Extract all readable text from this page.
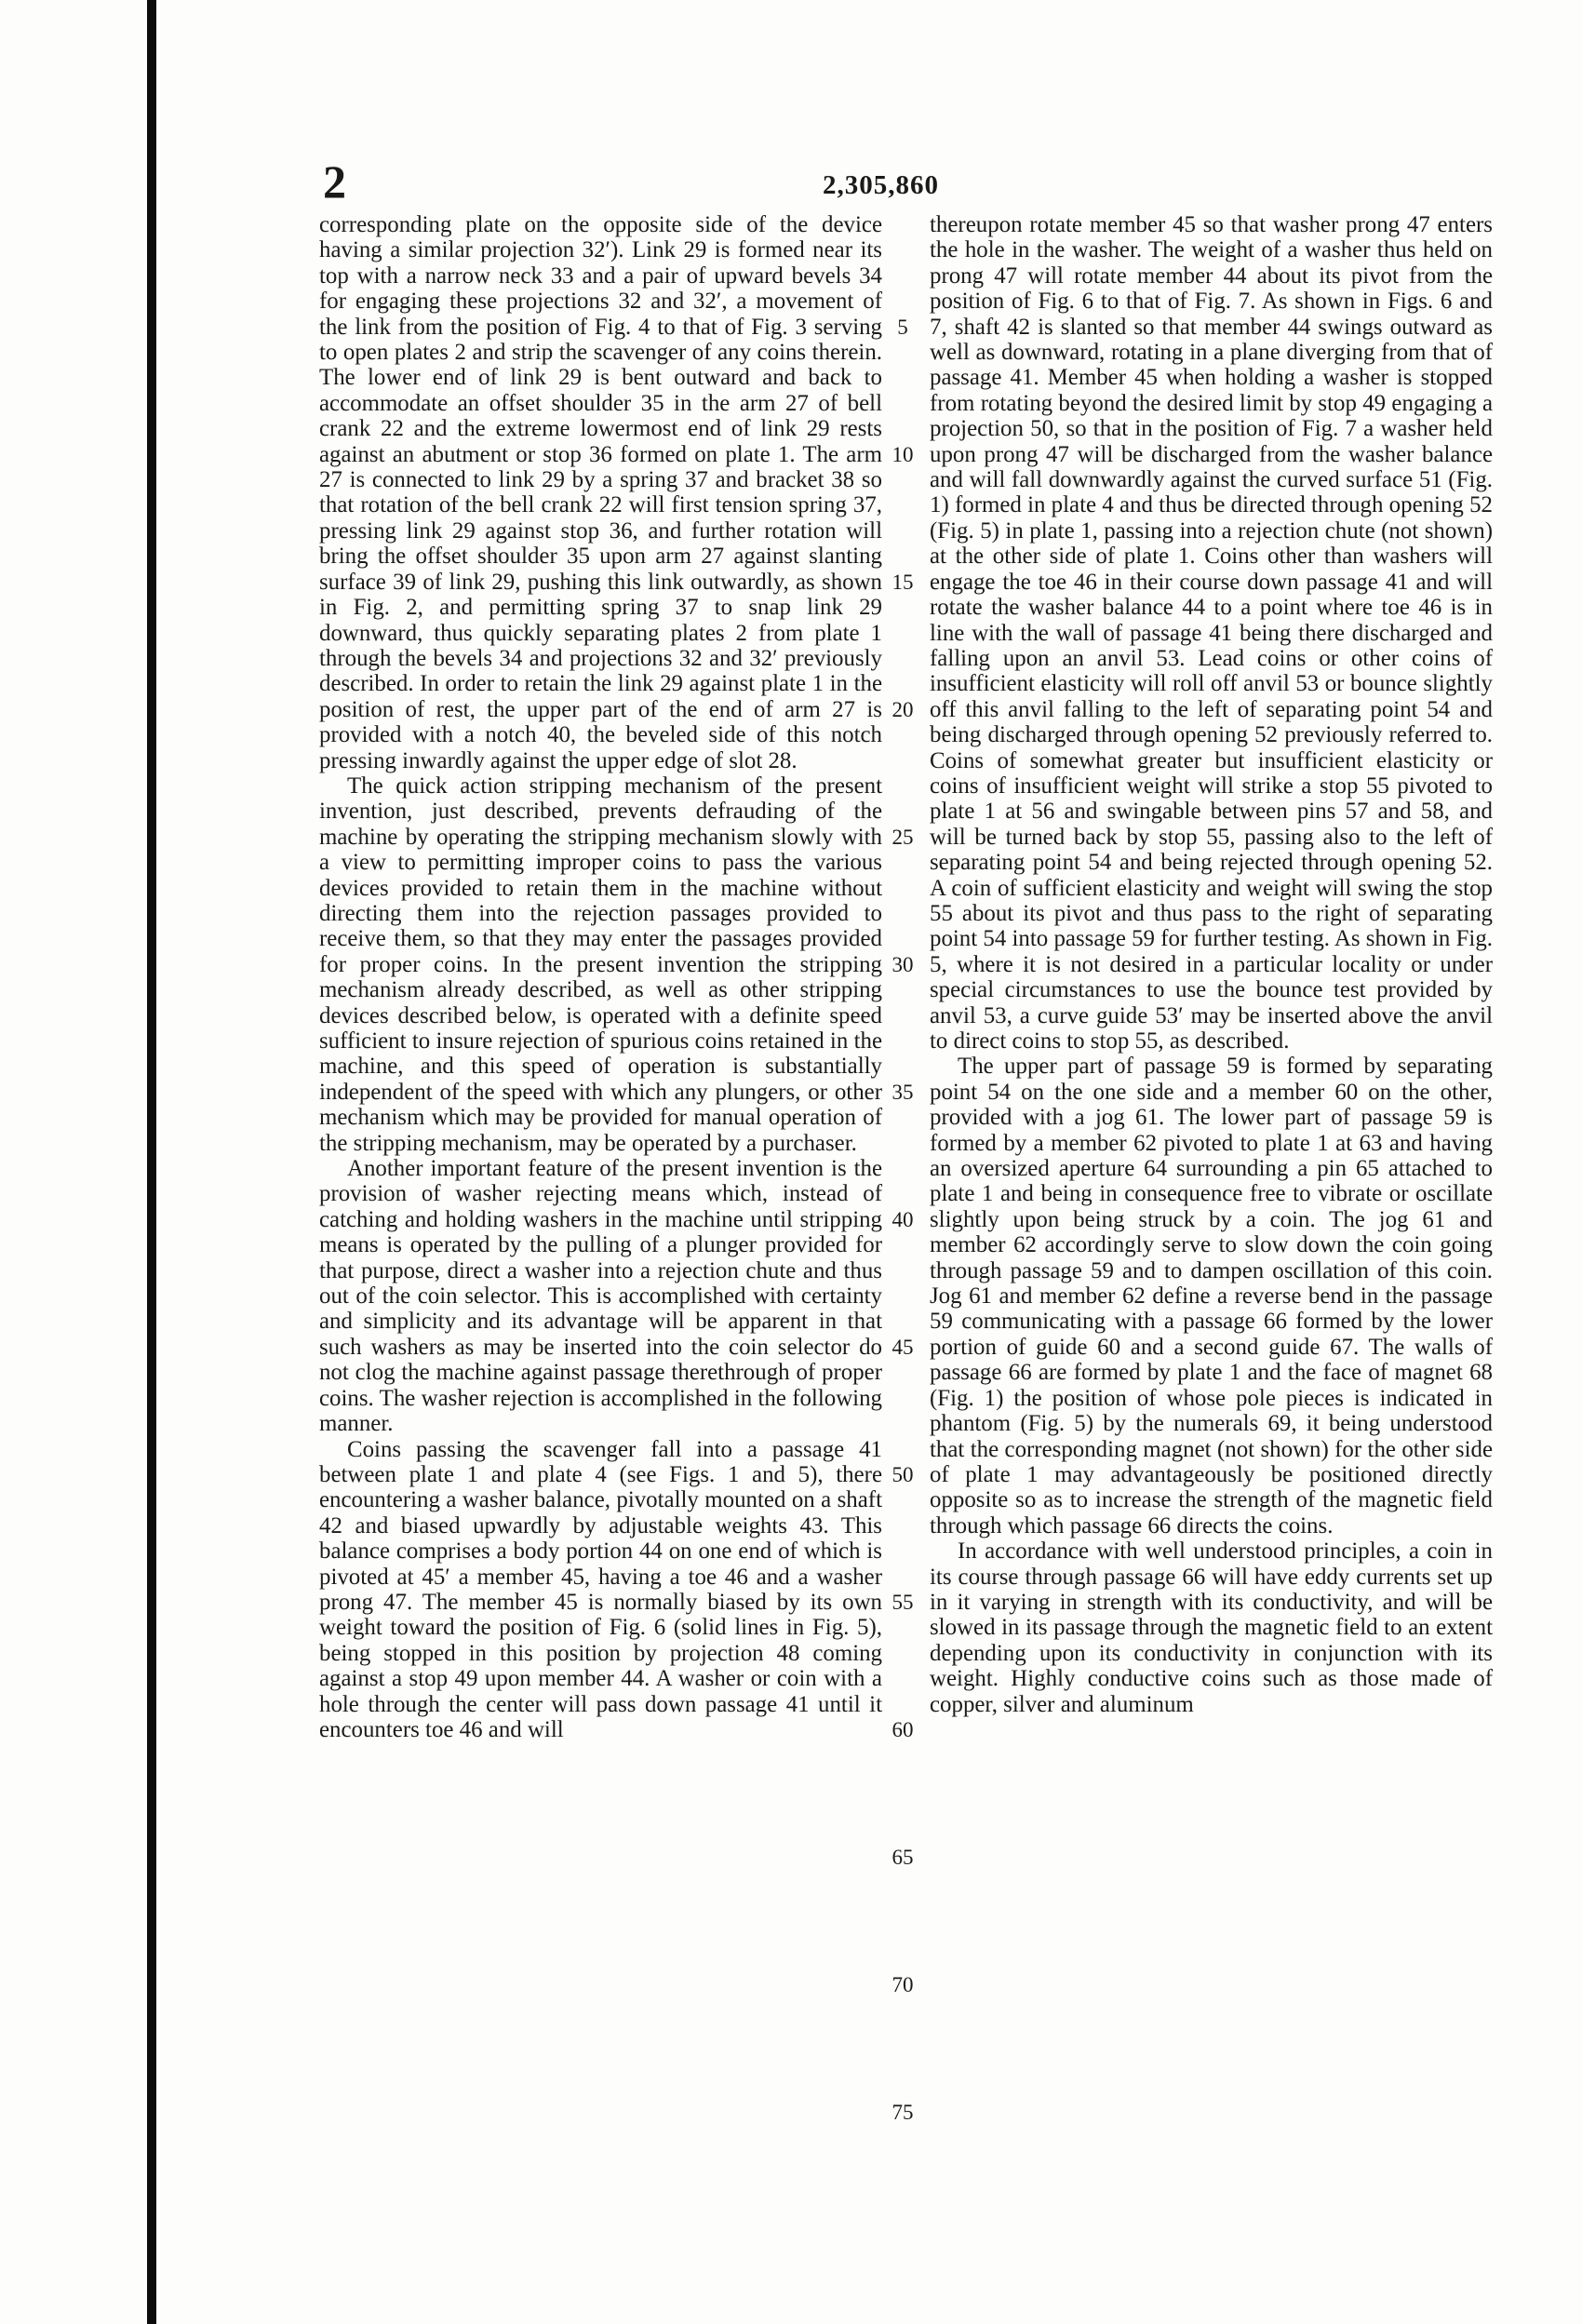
2	2,305,860

corresponding plate on the opposite side of the device having a similar projection 32′). Link 29 is formed near its top with a narrow neck 33 and a pair of upward bevels 34 for engaging these projections 32 and 32′, a movement of the link from the position of Fig. 4 to that of Fig. 3 serving to open plates 2 and strip the scavenger of any coins therein. The lower end of link 29 is bent outward and back to accommodate an offset shoulder 35 in the arm 27 of bell crank 22 and the extreme lowermost end of link 29 rests against an abutment or stop 36 formed on plate 1. The arm 27 is connected to link 29 by a spring 37 and bracket 38 so that rotation of the bell crank 22 will first tension spring 37, pressing link 29 against stop 36, and further rotation will bring the offset shoulder 35 upon arm 27 against slanting surface 39 of link 29, pushing this link outwardly, as shown in Fig. 2, and permitting spring 37 to snap link 29 downward, thus quickly separating plates 2 from plate 1 through the bevels 34 and projections 32 and 32′ previously described. In order to retain the link 29 against plate 1 in the position of rest, the upper part of the end of arm 27 is provided with a notch 40, the beveled side of this notch pressing inwardly against the upper edge of slot 28.

The quick action stripping mechanism of the present invention, just described, prevents defrauding of the machine by operating the stripping mechanism slowly with a view to permitting improper coins to pass the various devices provided to retain them in the machine without directing them into the rejection passages provided to receive them, so that they may enter the passages provided for proper coins. In the present invention the stripping mechanism already described, as well as other stripping devices described below, is operated with a definite speed sufficient to insure rejection of spurious coins retained in the machine, and this speed of operation is substantially independent of the speed with which any plungers, or other mechanism which may be provided for manual operation of the stripping mechanism, may be operated by a purchaser.

Another important feature of the present invention is the provision of washer rejecting means which, instead of catching and holding washers in the machine until stripping means is operated by the pulling of a plunger provided for that purpose, direct a washer into a rejection chute and thus out of the coin selector. This is accomplished with certainty and simplicity and its advantage will be apparent in that such washers as may be inserted into the coin selector do not clog the machine against passage therethrough of proper coins. The washer rejection is accomplished in the following manner.

Coins passing the scavenger fall into a passage 41 between plate 1 and plate 4 (see Figs. 1 and 5), there encountering a washer balance, pivotally mounted on a shaft 42 and biased upwardly by adjustable weights 43. This balance comprises a body portion 44 on one end of which is pivoted at 45′ a member 45, having a toe 46 and a washer prong 47. The member 45 is normally biased by its own weight toward the position of Fig. 6 (solid lines in Fig. 5), being stopped in this position by projection 48 coming against a stop 49 upon member 44. A washer or coin with a hole through the center will pass down passage 41 until it encounters toe 46 and will

5
10
15
20
25
30
35
40
45
50
55
60
65
70
75

thereupon rotate member 45 so that washer prong 47 enters the hole in the washer. The weight of a washer thus held on prong 47 will rotate member 44 about its pivot from the position of Fig. 6 to that of Fig. 7. As shown in Figs. 6 and 7, shaft 42 is slanted so that member 44 swings outward as well as downward, rotating in a plane diverging from that of passage 41. Member 45 when holding a washer is stopped from rotating beyond the desired limit by stop 49 engaging a projection 50, so that in the position of Fig. 7 a washer held upon prong 47 will be discharged from the washer balance and will fall downwardly against the curved surface 51 (Fig. 1) formed in plate 4 and thus be directed through opening 52 (Fig. 5) in plate 1, passing into a rejection chute (not shown) at the other side of plate 1. Coins other than washers will engage the toe 46 in their course down passage 41 and will rotate the washer balance 44 to a point where toe 46 is in line with the wall of passage 41 being there discharged and falling upon an anvil 53. Lead coins or other coins of insufficient elasticity will roll off anvil 53 or bounce slightly off this anvil falling to the left of separating point 54 and being discharged through opening 52 previously referred to. Coins of somewhat greater but insufficient elasticity or coins of insufficient weight will strike a stop 55 pivoted to plate 1 at 56 and swingable between pins 57 and 58, and will be turned back by stop 55, passing also to the left of separating point 54 and being rejected through opening 52. A coin of sufficient elasticity and weight will swing the stop 55 about its pivot and thus pass to the right of separating point 54 into passage 59 for further testing. As shown in Fig. 5, where it is not desired in a particular locality or under special circumstances to use the bounce test provided by anvil 53, a curve guide 53′ may be inserted above the anvil to direct coins to stop 55, as described.

The upper part of passage 59 is formed by separating point 54 on the one side and a member 60 on the other, provided with a jog 61. The lower part of passage 59 is formed by a member 62 pivoted to plate 1 at 63 and having an oversized aperture 64 surrounding a pin 65 attached to plate 1 and being in consequence free to vibrate or oscillate slightly upon being struck by a coin. The jog 61 and member 62 accordingly serve to slow down the coin going through passage 59 and to dampen oscillation of this coin. Jog 61 and member 62 define a reverse bend in the passage 59 communicating with a passage 66 formed by the lower portion of guide 60 and a second guide 67. The walls of passage 66 are formed by plate 1 and the face of magnet 68 (Fig. 1) the position of whose pole pieces is indicated in phantom (Fig. 5) by the numerals 69, it being understood that the corresponding magnet (not shown) for the other side of plate 1 may advantageously be positioned directly opposite so as to increase the strength of the magnetic field through which passage 66 directs the coins.

In accordance with well understood principles, a coin in its course through passage 66 will have eddy currents set up in it varying in strength with its conductivity, and will be slowed in its passage through the magnetic field to an extent depending upon its conductivity in conjunction with its weight. Highly conductive coins such as those made of copper, silver and aluminum
